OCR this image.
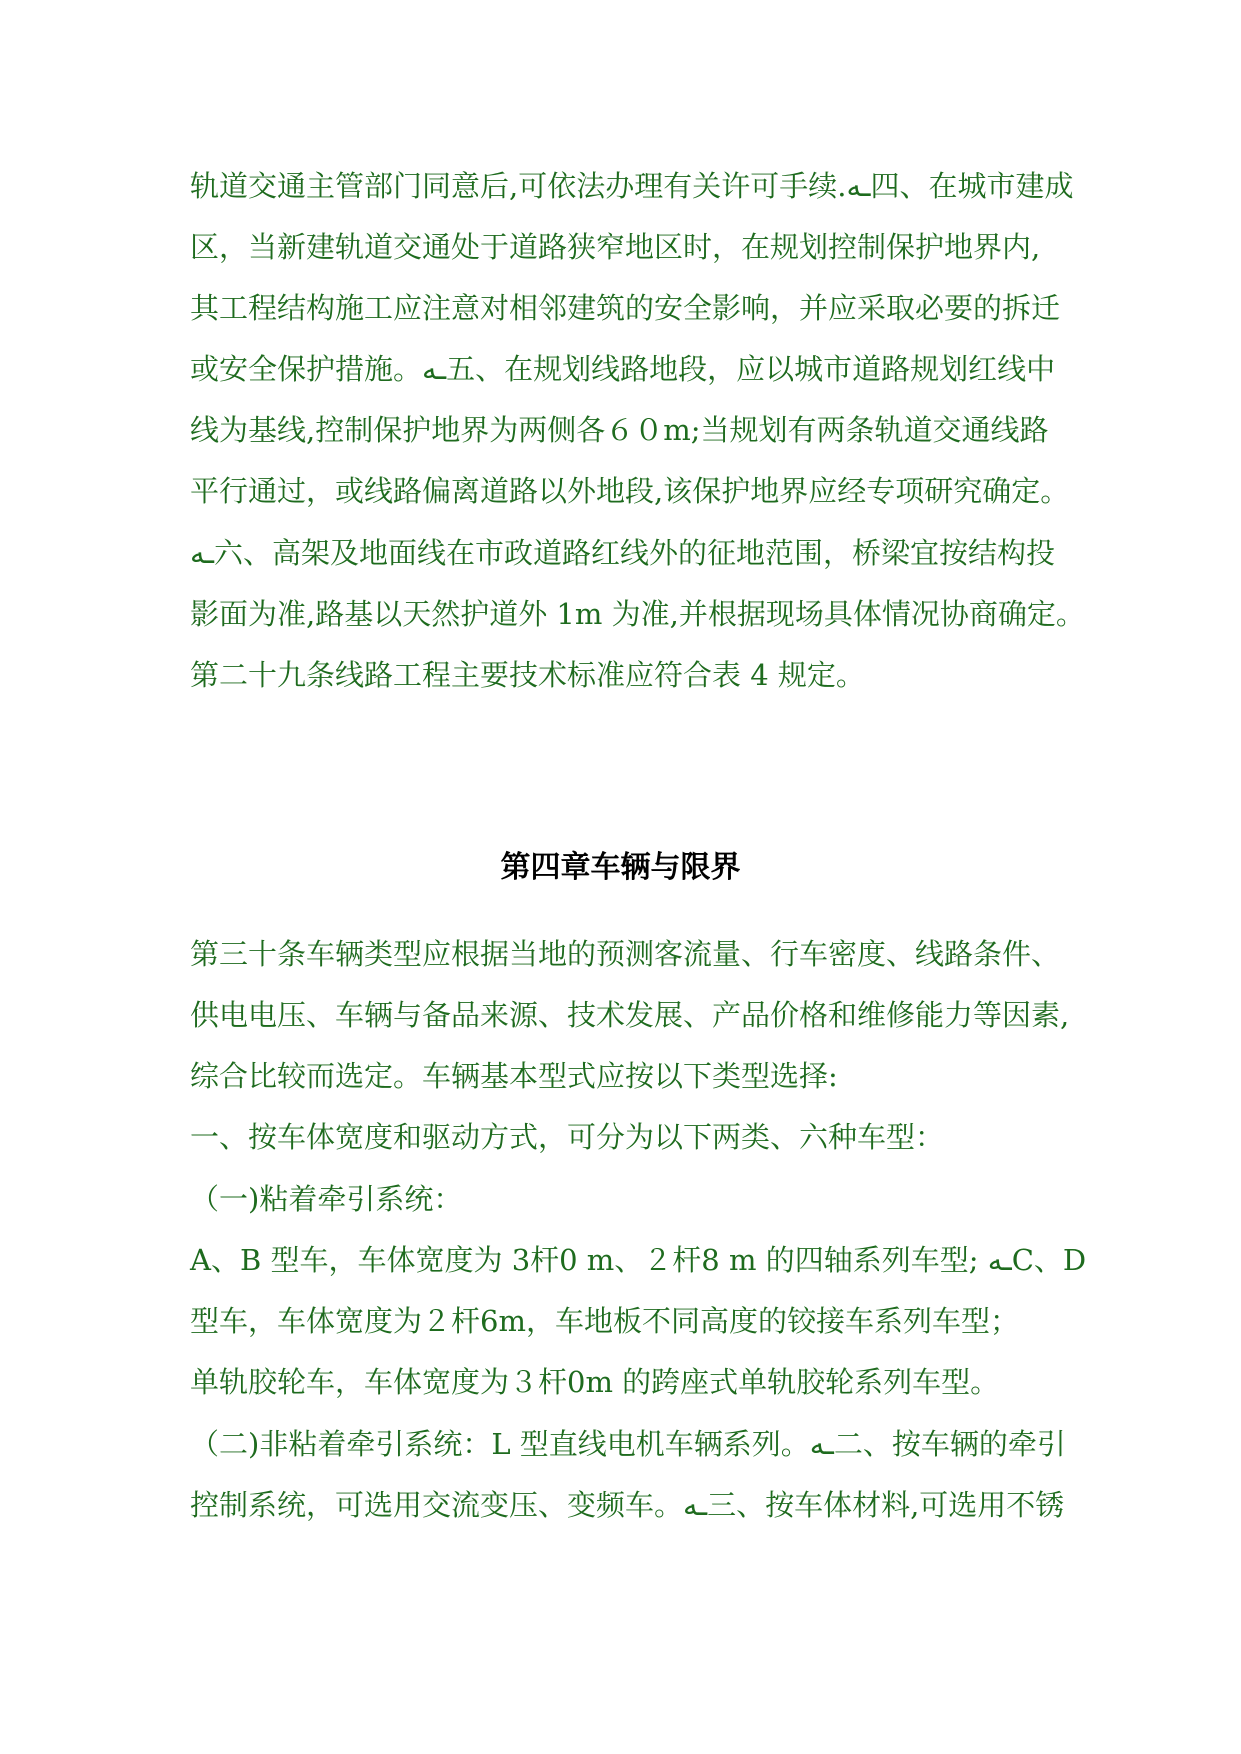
轨道交通主管部门同意后,可依法办理有关许可手续.ـه四、在城市建成
区，当新建轨道交通处于道路狭窄地区时，在规划控制保护地界内,
其工程结构施工应注意对相邻建筑的安全影响，并应采取必要的拆迁
或安全保护措施。ـه五、在规划线路地段，应以城市道路规划红线中
线为基线,控制保护地界为两侧各６０m;当规划有两条轨道交通线路
平行通过，或线路偏离道路以外地段,该保护地界应经专项研究确定。
ـه六、高架及地面线在市政道路红线外的征地范围，桥梁宜按结构投
影面为准,路基以天然护道外 1m 为准,并根据现场具体情况协商确定。
第二十九条线路工程主要技术标准应符合表 4 规定。
第四章车辆与限界
第三十条车辆类型应根据当地的预测客流量、行车密度、线路条件、
供电电压、车辆与备品来源、技术发展、产品价格和维修能力等因素,
综合比较而选定。车辆基本型式应按以下类型选择:
一、按车体宽度和驱动方式，可分为以下两类、六种车型：
（一)粘着牵引系统：
A、B 型车，车体宽度为 3杆0 m、２杆8 m 的四轴系列车型; ـهC、D
型车，车体宽度为２杆6m，车地板不同高度的铰接车系列车型；
单轨胶轮车，车体宽度为３杆0m 的跨座式单轨胶轮系列车型。
（二)非粘着牵引系统：L 型直线电机车辆系列。ـه二、按车辆的牵引
控制系统，可选用交流变压、变频车。ـه三、按车体材料,可选用不锈
